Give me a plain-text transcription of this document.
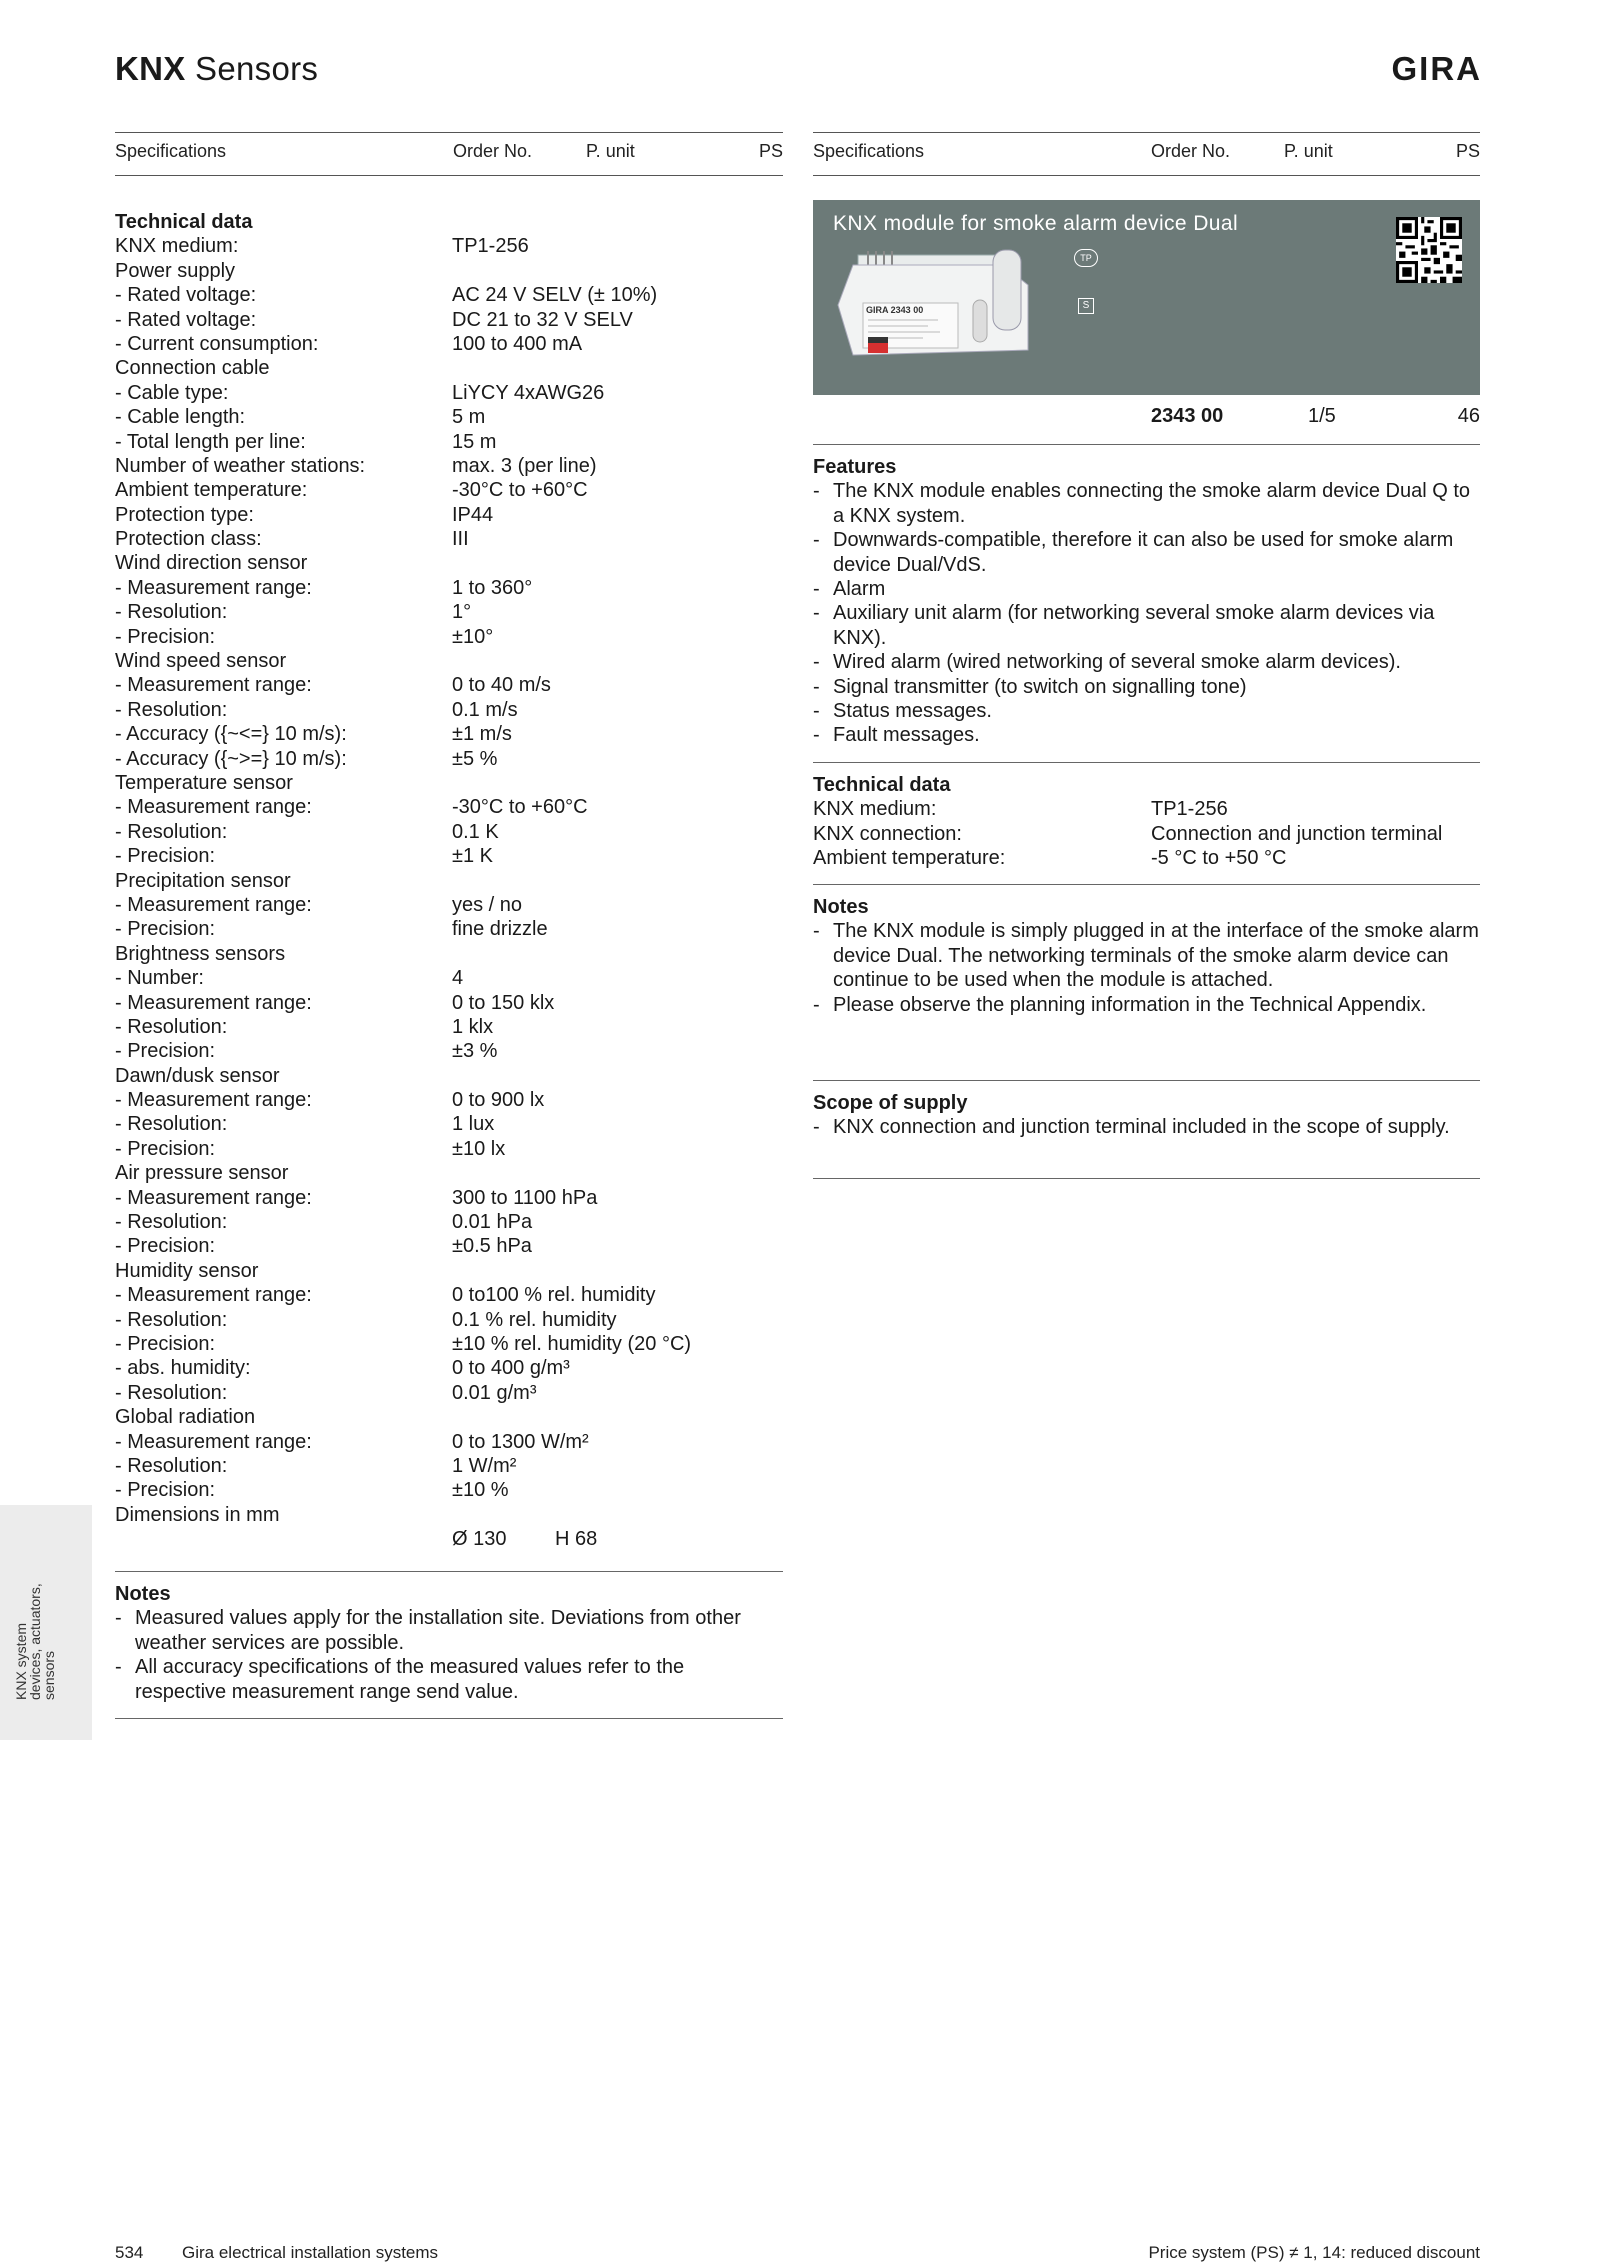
KNX Sensors	GIRA
Specifications	Order No.	P. unit	PS Specifications	Order No.	P. unit	PS
Technical data
KNX medium:	TP1-256
Power supply
- Rated voltage:	AC 24 V SELV (± 10%)
- Rated voltage:	DC 21 to 32 V SELV
- Current consumption:	100 to 400 mA
Connection cable
- Cable type:	LiYCY 4xAWG26
- Cable length:	5 m
- Total length per line:	15 m
Number of weather stations:	max. 3 (per line)
Ambient temperature:	-30°C to +60°C
Protection type:	IP44
Protection class:	III
Wind direction sensor
- Measurement range:	1 to 360°
- Resolution:	1°
- Precision:	±10°
Wind speed sensor
- Measurement range:	0 to 40 m/s
- Resolution:	0.1 m/s
- Accuracy ({~<=} 10 m/s):	±1 m/s
- Accuracy ({~>=} 10 m/s):	±5 %
Temperature sensor
- Measurement range:	-30°C to +60°C
- Resolution:	0.1 K
- Precision:	±1 K
Precipitation sensor
- Measurement range:	yes / no
- Precision:	fine drizzle
Brightness sensors
- Number:	4
- Measurement range:	0 to 150 klx
- Resolution:	1 klx
- Precision:	±3 %
Dawn/dusk sensor
- Measurement range:	0 to 900 lx
- Resolution:	1 lux
- Precision:	±10 lx
Air pressure sensor
- Measurement range:	300 to 1100 hPa
- Resolution:	0.01 hPa
- Precision:	±0.5 hPa
Humidity sensor
- Measurement range:	0 to100 % rel. humidity
- Resolution:	0.1 % rel. humidity
- Precision:	±10 % rel. humidity (20 °C)
- abs. humidity:	0 to 400 g/m³
- Resolution:	0.01 g/m³
Global radiation
- Measurement range:	0 to 1300 W/m²
- Resolution:	1 W/m²
- Precision:	±10 %
Dimensions in mm
Ø 130 H 68
Notes
- Measured values apply for the installation site. Deviations from other weather services are possible.
- All accuracy specifications of the measured values refer to the respective measurement range send value.
KNX module for smoke alarm device Dual
GIRA 2343 00
TP
S
2343 00	1/5	46
Features
- The KNX module enables connecting the smoke alarm device Dual Q to a KNX system.
- Downwards-compatible, therefore it can also be used for smoke alarm device Dual/VdS.
- Alarm
- Auxiliary unit alarm (for networking several smoke alarm devices via KNX).
- Wired alarm (wired networking of several smoke alarm devices).
- Signal transmitter (to switch on signalling tone)
- Status messages.
- Fault messages.
Technical data
KNX medium:	TP1-256
KNX connection:	Connection and junction terminal
Ambient temperature:	-5 °C to +50 °C
Notes
- The KNX module is simply plugged in at the interface of the smoke alarm device Dual. The networking terminals of the smoke alarm device can continue to be used when the module is attached.
- Please observe the planning information in the Technical Appendix.
Scope of supply
- KNX connection and junction terminal included in the scope of supply.
KNX system
devices, actuators,
sensors
534 Gira electrical installation systems	Price system (PS) ≠ 1, 14: reduced discount
